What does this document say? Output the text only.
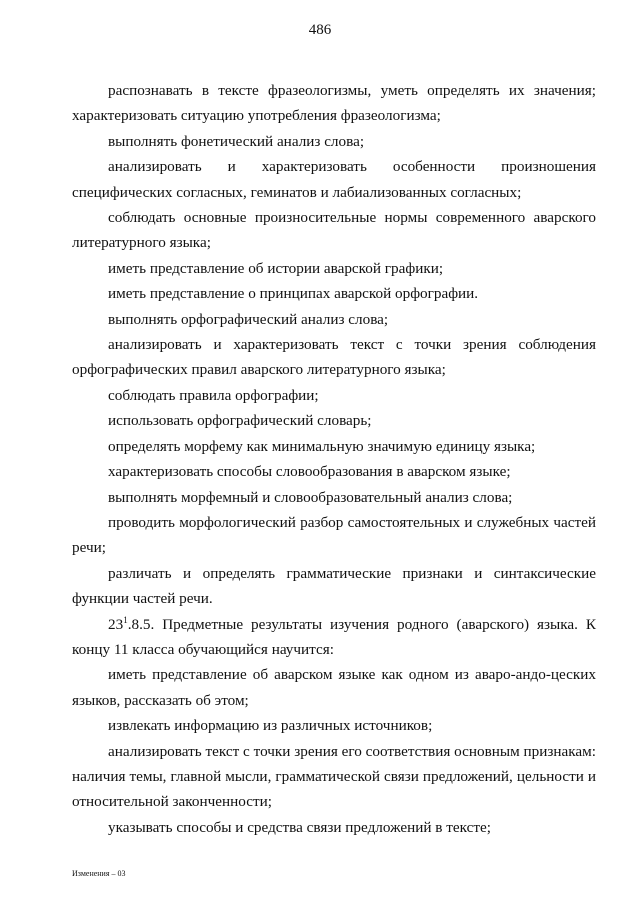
486

распознавать в тексте фразеологизмы, уметь определять их значения; характеризовать ситуацию употребления фразеологизма;

выполнять фонетический анализ слова;

анализировать и характеризовать особенности произношения специфических согласных, геминатов и лабиализованных согласных;

соблюдать основные произносительные нормы современного аварского литературного языка;

иметь представление об истории аварской графики;

иметь представление о принципах аварской орфографии.

выполнять орфографический анализ слова;

анализировать и характеризовать текст с точки зрения соблюдения орфографических правил аварского литературного языка;

соблюдать правила орфографии;

использовать орфографический словарь;

определять морфему как минимальную значимую единицу языка;

характеризовать способы словообразования в аварском языке;

выполнять морфемный и словообразовательный анализ слова;

проводить морфологический разбор самостоятельных и служебных частей речи;

различать и определять грамматические признаки и синтаксические функции частей речи.

$23^1.8.5$. Предметные результаты изучения родного (аварского) языка. К концу 11 класса обучающийся научится:

иметь представление об аварском языке как одном из аваро-андо-цеских языков, рассказать об этом;

извлекать информацию из различных источников;

анализировать текст с точки зрения его соответствия основным признакам: наличия темы, главной мысли, грамматической связи предложений, цельности и относительной законченности;

указывать способы и средства связи предложений в тексте;

Изменения – 03
